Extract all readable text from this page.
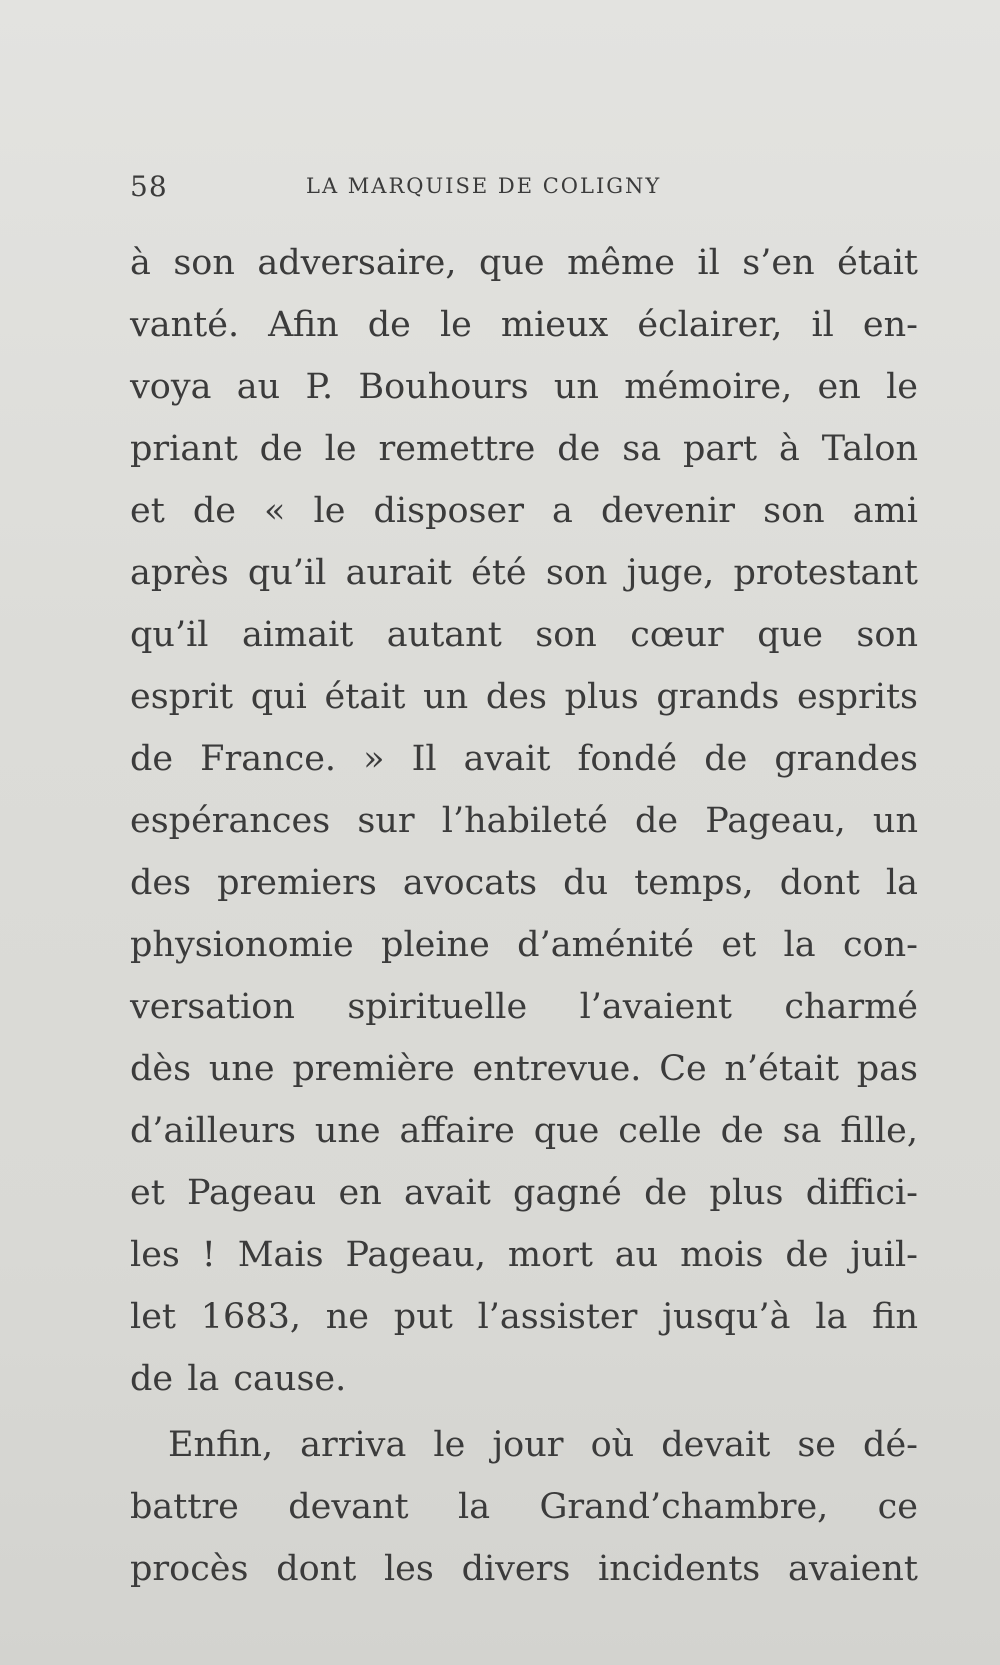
58	LA MARQUISE DE COLIGNY
à son adversaire, que même il s’en était
vanté. Afin de le mieux éclairer, il en-
voya au P. Bouhours un mémoire, en le
priant de le remettre de sa part à Talon
et de « le disposer a devenir son ami
après qu’il aurait été son juge, protestant
qu’il aimait autant son cœur que son
esprit qui était un des plus grands esprits
de France. » Il avait fondé de grandes
espérances sur l’habileté de Pageau, un
des premiers avocats du temps, dont la
physionomie pleine d’aménité et la con-
versation spirituelle l’avaient charmé
dès une première entrevue. Ce n’était pas
d’ailleurs une affaire que celle de sa fille,
et Pageau en avait gagné de plus diffici-
les ! Mais Pageau, mort au mois de juil-
let 1683, ne put l’assister jusqu’à la fin
de la cause.
Enfin, arriva le jour où devait se dé-
battre devant la Grand’chambre, ce
procès dont les divers incidents avaient
